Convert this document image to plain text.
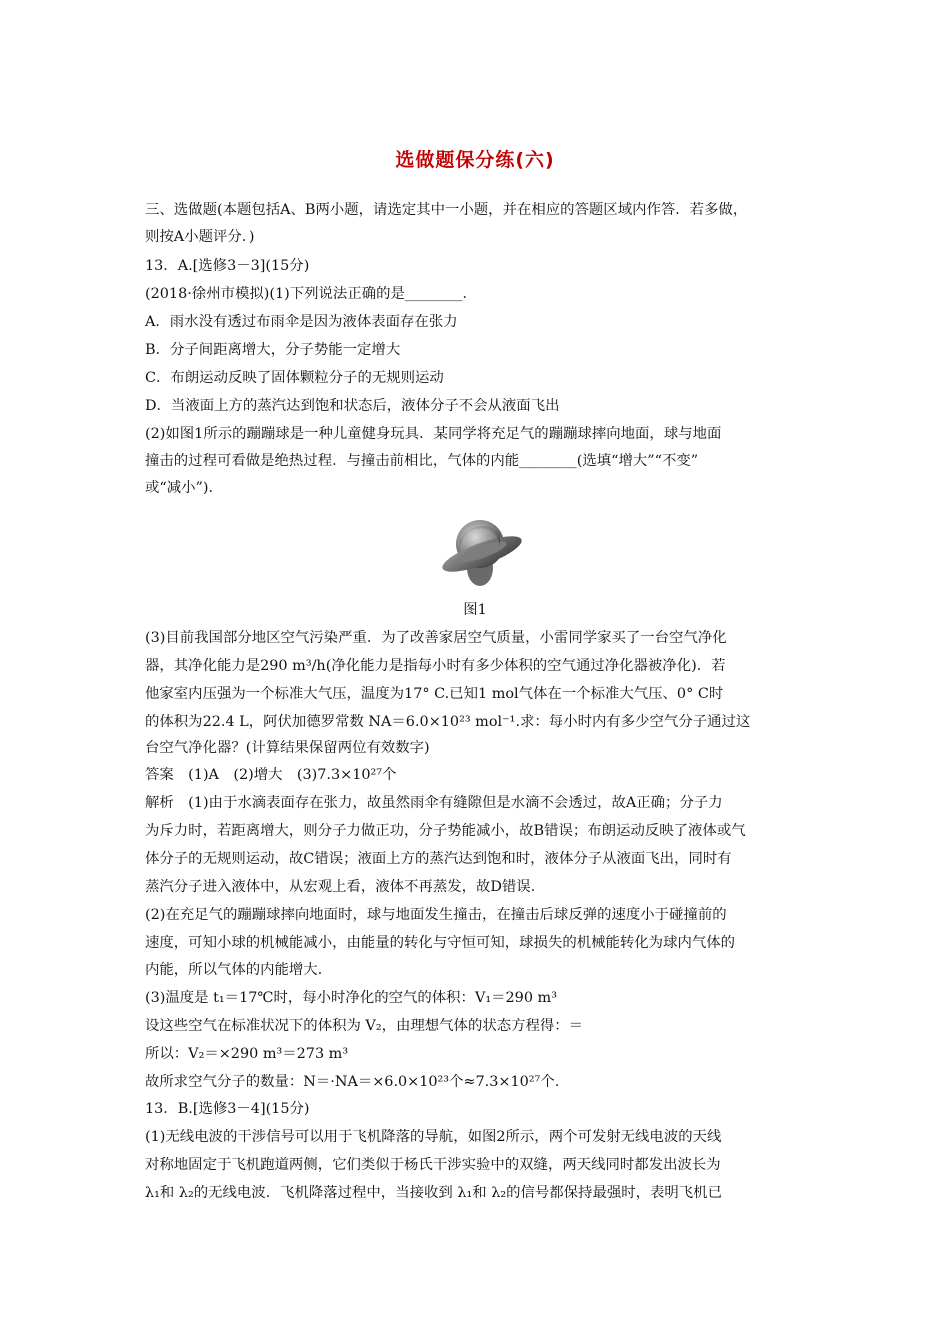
选做题保分练(六)
三、选做题(本题包括A、B两小题，请选定其中一小题，并在相应的答题区域内作答．若多做，
则按A小题评分．)
13．A.[选修3－3](15分)
(2018·徐州市模拟)(1)下列说法正确的是________．
A．雨水没有透过布雨伞是因为液体表面存在张力
B．分子间距离增大，分子势能一定增大
C．布朗运动反映了固体颗粒分子的无规则运动
D．当液面上方的蒸汽达到饱和状态后，液体分子不会从液面飞出
(2)如图1所示的蹦蹦球是一种儿童健身玩具．某同学将充足气的蹦蹦球摔向地面，球与地面
撞击的过程可看做是绝热过程．与撞击前相比，气体的内能________(选填“增大”“不变”
或“减小”)．
图1
(3)目前我国部分地区空气污染严重．为了改善家居空气质量，小雷同学家买了一台空气净化
器，其净化能力是290 m³/h(净化能力是指每小时有多少体积的空气通过净化器被净化)．若
他家室内压强为一个标准大气压，温度为17° C.已知1 mol气体在一个标准大气压、0° C时
的体积为22.4 L，阿伏加德罗常数 NA＝6.0×10²³ mol⁻¹.求：每小时内有多少空气分子通过这
台空气净化器？(计算结果保留两位有效数字)
答案　(1)A　(2)增大　(3)7.3×10²⁷个
解析　(1)由于水滴表面存在张力，故虽然雨伞有缝隙但是水滴不会透过，故A正确；分子力
为斥力时，若距离增大，则分子力做正功，分子势能减小，故B错误；布朗运动反映了液体或气
体分子的无规则运动，故C错误；液面上方的蒸汽达到饱和时，液体分子从液面飞出，同时有
蒸汽分子进入液体中，从宏观上看，液体不再蒸发，故D错误．
(2)在充足气的蹦蹦球摔向地面时，球与地面发生撞击，在撞击后球反弹的速度小于碰撞前的
速度，可知小球的机械能减小，由能量的转化与守恒可知，球损失的机械能转化为球内气体的
内能，所以气体的内能增大．
(3)温度是 t₁＝17℃时，每小时净化的空气的体积：V₁＝290 m³
设这些空气在标准状况下的体积为 V₂，由理想气体的状态方程得：＝
所以：V₂＝×290 m³＝273 m³
故所求空气分子的数量：N＝·NA＝×6.0×10²³个≈7.3×10²⁷个.
13．B.[选修3－4](15分)
(1)无线电波的干涉信号可以用于飞机降落的导航，如图2所示，两个可发射无线电波的天线
对称地固定于飞机跑道两侧，它们类似于杨氏干涉实验中的双缝，两天线同时都发出波长为
λ₁和 λ₂的无线电波．飞机降落过程中，当接收到 λ₁和 λ₂的信号都保持最强时，表明飞机已
